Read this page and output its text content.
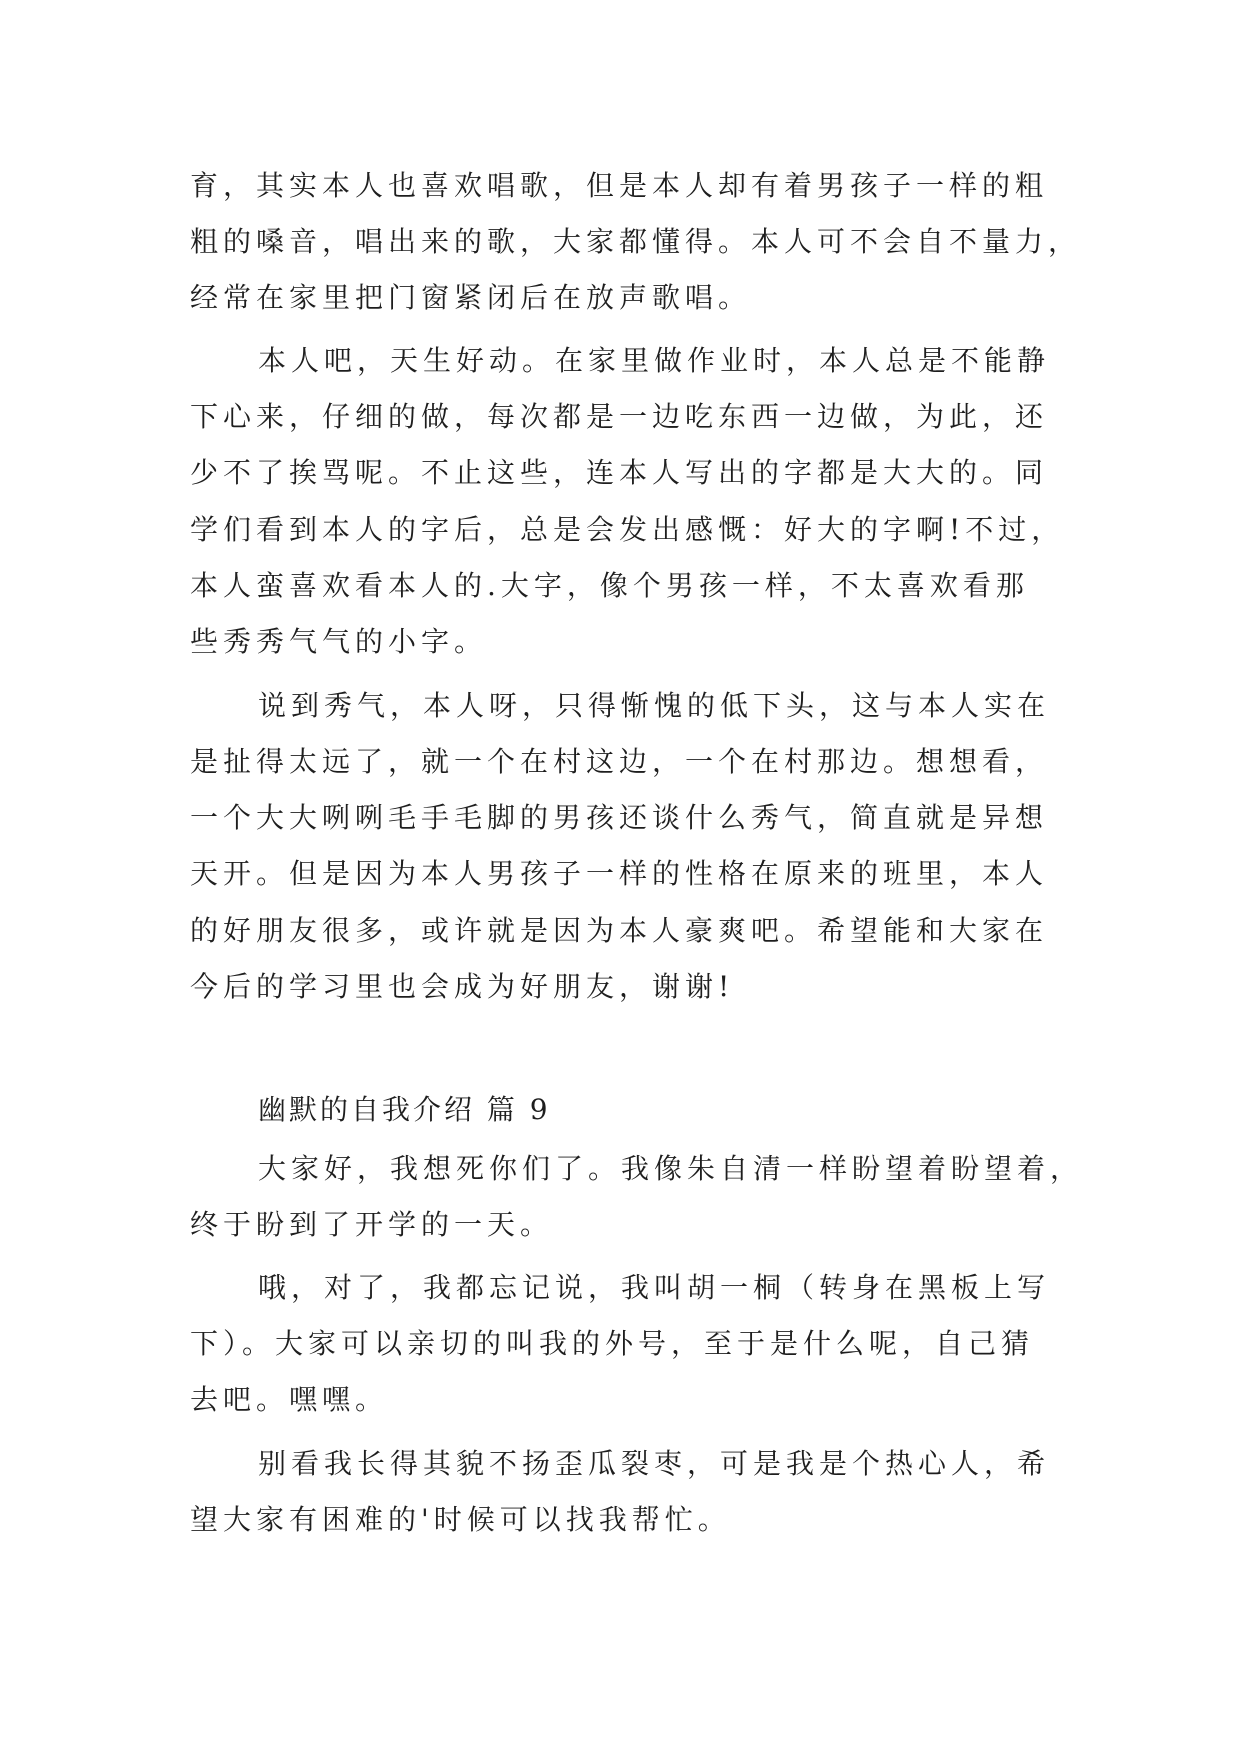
育，其实本人也喜欢唱歌，但是本人却有着男孩子一样的粗

粗的嗓音，唱出来的歌，大家都懂得。本人可不会自不量力，

经常在家里把门窗紧闭后在放声歌唱。

本人吧，天生好动。在家里做作业时，本人总是不能静

下心来，仔细的做，每次都是一边吃东西一边做，为此，还

少不了挨骂呢。不止这些，连本人写出的字都是大大的。同

学们看到本人的字后，总是会发出感慨：好大的字啊!不过，

本人蛮喜欢看本人的.大字，像个男孩一样，不太喜欢看那

些秀秀气气的小字。

说到秀气，本人呀，只得惭愧的低下头，这与本人实在

是扯得太远了，就一个在村这边，一个在村那边。想想看，

一个大大咧咧毛手毛脚的男孩还谈什么秀气，简直就是异想

天开。但是因为本人男孩子一样的性格在原来的班里，本人

的好朋友很多，或许就是因为本人豪爽吧。希望能和大家在

今后的学习里也会成为好朋友，谢谢!

幽默的自我介绍 篇 9

大家好，我想死你们了。我像朱自清一样盼望着盼望着，

终于盼到了开学的一天。

哦，对了，我都忘记说，我叫胡一桐（转身在黑板上写

下）。大家可以亲切的叫我的外号，至于是什么呢，自己猜

去吧。嘿嘿。

别看我长得其貌不扬歪瓜裂枣，可是我是个热心人，希

望大家有困难的'时候可以找我帮忙。
